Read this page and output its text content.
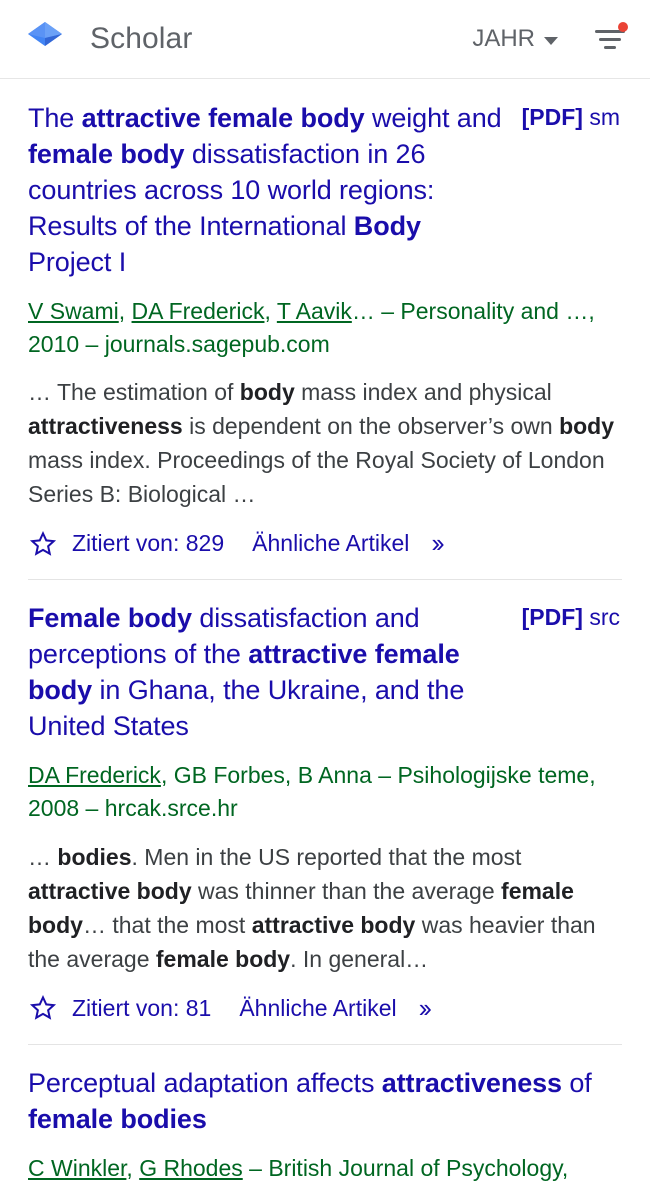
Scholar	JAHR
The attractive female body weight and female body dissatisfaction in 26 countries across 10 world regions: Results of the International Body Project I
[PDF] sm
V Swami, DA Frederick, T Aavik… – Personality and …, 2010 – journals.sagepub.com
… The estimation of body mass index and physical attractiveness is dependent on the observer’s own body mass index. Proceedings of the Royal Society of London Series B: Biological …
Zitiert von: 829 Ähnliche Artikel ››
Female body dissatisfaction and perceptions of the attractive female body in Ghana, the Ukraine, and the United States
[PDF] src
DA Frederick, GB Forbes, B Anna – Psihologijske teme, 2008 – hrcak.srce.hr
… bodies. Men in the US reported that the most attractive body was thinner than the average female body… that the most attractive body was heavier than the average female body. In general…
Zitiert von: 81 Ähnliche Artikel ››
Perceptual adaptation affects attractiveness of female bodies
C Winkler, G Rhodes – British Journal of Psychology,
